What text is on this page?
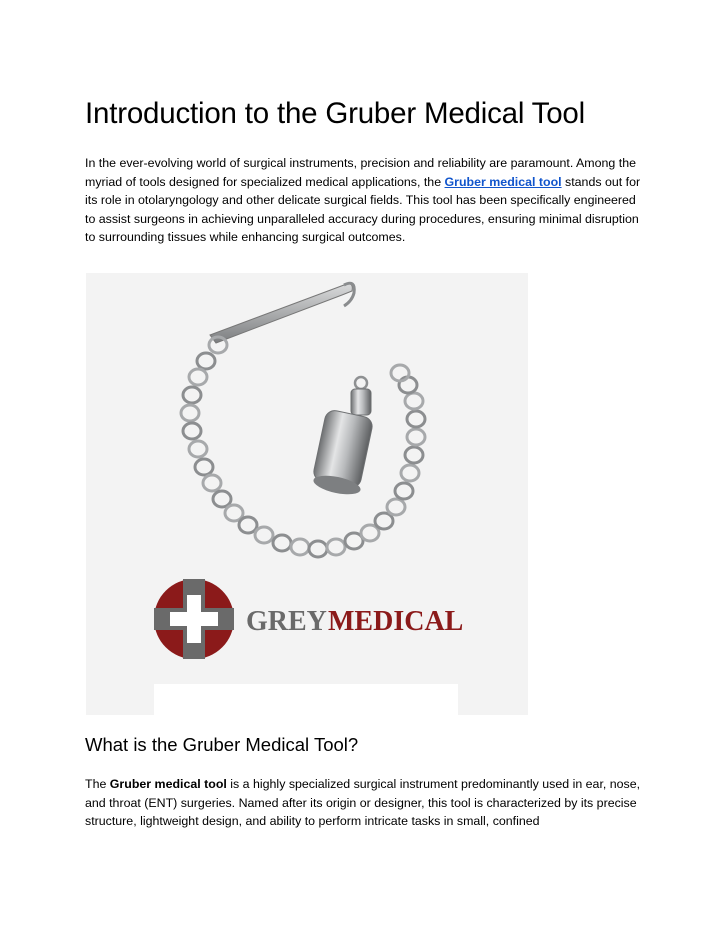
Introduction to the Gruber Medical Tool

In the ever-evolving world of surgical instruments, precision and reliability are paramount. Among the myriad of tools designed for specialized medical applications, the Gruber medical tool stands out for its role in otolaryngology and other delicate surgical fields. This tool has been specifically engineered to assist surgeons in achieving unparalleled accuracy during procedures, ensuring minimal disruption to surrounding tissues while enhancing surgical outcomes.

GREY MEDICAL
What is the Gruber Medical Tool?

The Gruber medical tool is a highly specialized surgical instrument predominantly used in ear, nose, and throat (ENT) surgeries. Named after its origin or designer, this tool is characterized by its precise structure, lightweight design, and ability to perform intricate tasks in small, confined
